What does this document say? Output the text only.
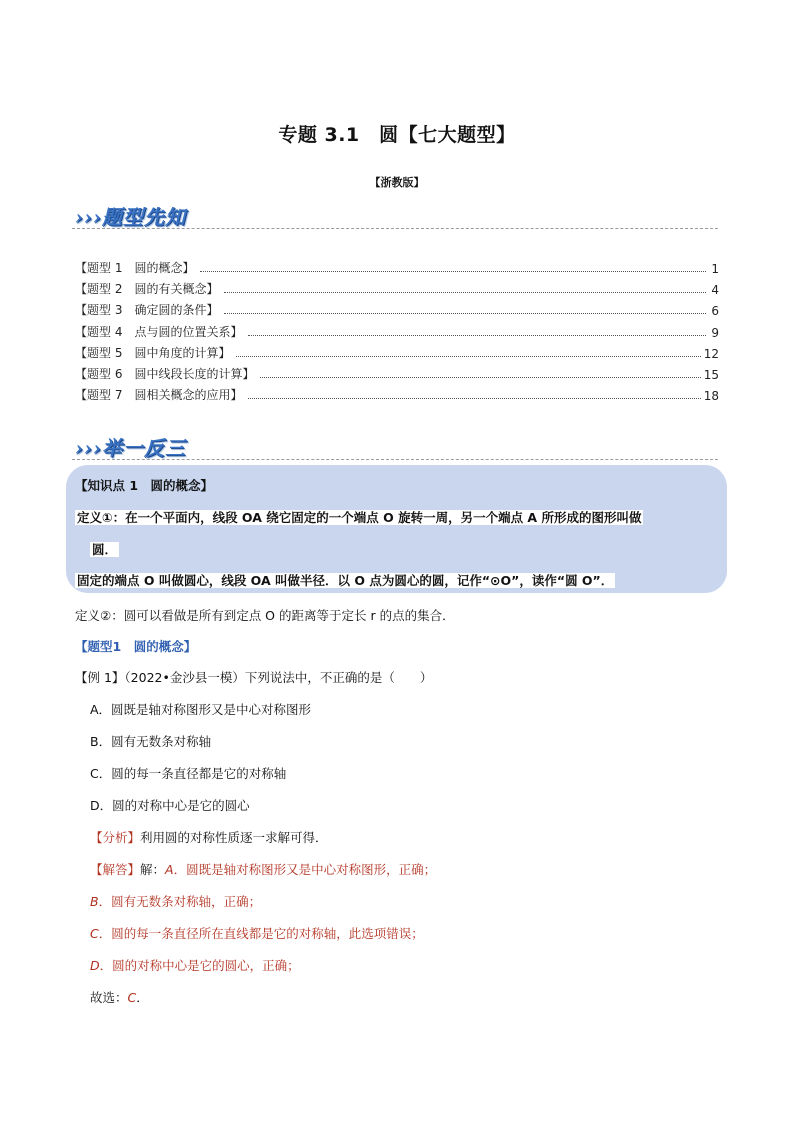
专题 3.1　圆【七大题型】
【浙教版】
›››题型先知
【题型 1　圆的概念】	1
【题型 2　圆的有关概念】	4
【题型 3　确定圆的条件】	6
【题型 4　点与圆的位置关系】	9
【题型 5　圆中角度的计算】	12
【题型 6　圆中线段长度的计算】	15
【题型 7　圆相关概念的应用】	18
›››举一反三
【知识点 1　圆的概念】
定义①：在一个平面内，线段 OA 绕它固定的一个端点 O 旋转一周，另一个端点 A 所形成的图形叫做
圆．
固定的端点 O 叫做圆心，线段 OA 叫做半径．以 O 点为圆心的圆，记作“⊙O”，读作“圆 O”．
定义②：圆可以看做是所有到定点 O 的距离等于定长 r 的点的集合．
【题型1　圆的概念】
【例 1】（2022•金沙县一模）下列说法中，不正确的是（　　）
A．圆既是轴对称图形又是中心对称图形
B．圆有无数条对称轴
C．圆的每一条直径都是它的对称轴
D．圆的对称中心是它的圆心
【分析】利用圆的对称性质逐一求解可得．
【解答】解：A．圆既是轴对称图形又是中心对称图形，正确；
B．圆有无数条对称轴，正确；
C．圆的每一条直径所在直线都是它的对称轴，此选项错误；
D．圆的对称中心是它的圆心，正确；
故选：C．
